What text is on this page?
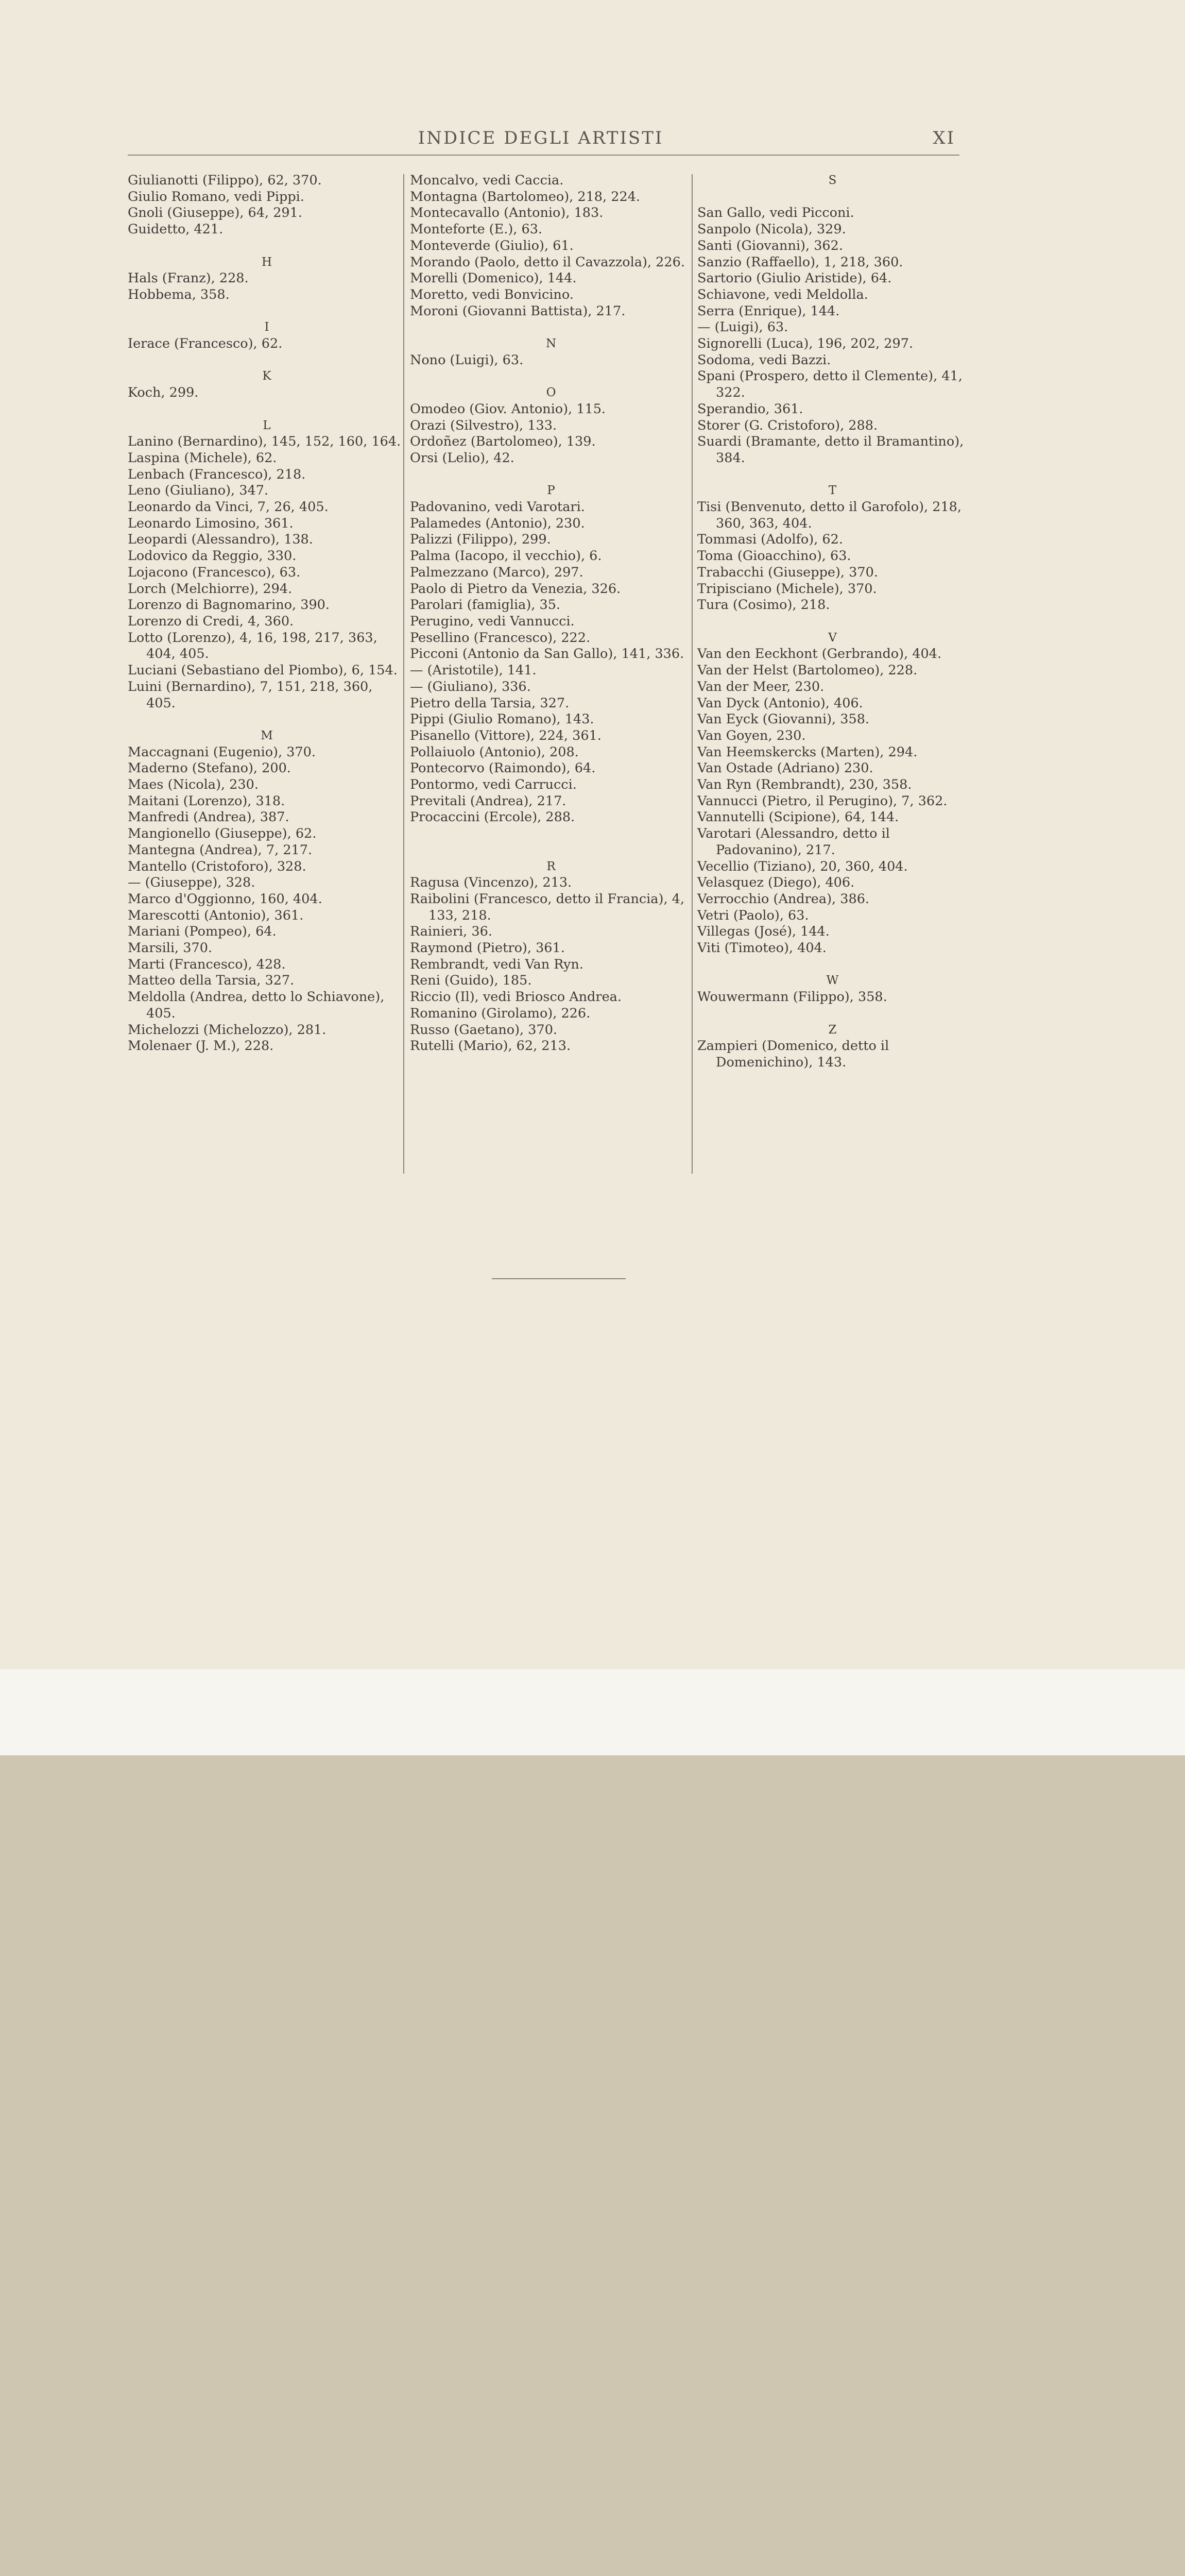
INDICE DEGLI ARTISTI	XI
Giulianotti (Filippo), 62, 370.
Giulio Romano, vedi Pippi.
Gnoli (Giuseppe), 64, 291.
Guidetto, 421.

H
Hals (Franz), 228.
Hobbema, 358.

I
Ierace (Francesco), 62.

K
Koch, 299.

L
Lanino (Bernardino), 145, 152, 160, 164.
Laspina (Michele), 62.
Lenbach (Francesco), 218.
Leno (Giuliano), 347.
Leonardo da Vinci, 7, 26, 405.
Leonardo Limosino, 361.
Leopardi (Alessandro), 138.
Lodovico da Reggio, 330.
Lojacono (Francesco), 63.
Lorch (Melchiorre), 294.
Lorenzo di Bagnomarino, 390.
Lorenzo di Credi, 4, 360.
Lotto (Lorenzo), 4, 16, 198, 217, 363, 404, 405.
Luciani (Sebastiano del Piombo), 6, 154.
Luini (Bernardino), 7, 151, 218, 360, 405.

M
Maccagnani (Eugenio), 370.
Maderno (Stefano), 200.
Maes (Nicola), 230.
Maitani (Lorenzo), 318.
Manfredi (Andrea), 387.
Mangionello (Giuseppe), 62.
Mantegna (Andrea), 7, 217.
Mantello (Cristoforo), 328.
— (Giuseppe), 328.
Marco d'Oggionno, 160, 404.
Marescotti (Antonio), 361.
Mariani (Pompeo), 64.
Marsili, 370.
Marti (Francesco), 428.
Matteo della Tarsia, 327.
Meldolla (Andrea, detto lo Schiavone), 405.
Michelozzi (Michelozzo), 281.
Molenaer (J. M.), 228.
Moncalvo, vedi Caccia.
Montagna (Bartolomeo), 218, 224.
Montecavallo (Antonio), 183.
Monteforte (E.), 63.
Monteverde (Giulio), 61.
Morando (Paolo, detto il Cavazzola), 226.
Morelli (Domenico), 144.
Moretto, vedi Bonvicino.
Moroni (Giovanni Battista), 217.

N
Nono (Luigi), 63.

O
Omodeo (Giov. Antonio), 115.
Orazi (Silvestro), 133.
Ordoñez (Bartolomeo), 139.
Orsi (Lelio), 42.

P
Padovanino, vedi Varotari.
Palamedes (Antonio), 230.
Palizzi (Filippo), 299.
Palma (Iacopo, il vecchio), 6.
Palmezzano (Marco), 297.
Paolo di Pietro da Venezia, 326.
Parolari (famiglia), 35.
Perugino, vedi Vannucci.
Pesellino (Francesco), 222.
Picconi (Antonio da San Gallo), 141, 336.
— (Aristotile), 141.
— (Giuliano), 336.
Pietro della Tarsia, 327.
Pippi (Giulio Romano), 143.
Pisanello (Vittore), 224, 361.
Pollaiuolo (Antonio), 208.
Pontecorvo (Raimondo), 64.
Pontormo, vedi Carrucci.
Previtali (Andrea), 217.
Procaccini (Ercole), 288.

R
Ragusa (Vincenzo), 213.
Raibolini (Francesco, detto il Francia), 4, 133, 218.
Rainieri, 36.
Raymond (Pietro), 361.
Rembrandt, vedi Van Ryn.
Reni (Guido), 185.
Riccio (Il), vedi Briosco Andrea.
Romanino (Girolamo), 226.
Russo (Gaetano), 370.
Rutelli (Mario), 62, 213.
S

San Gallo, vedi Picconi.
Sanpolo (Nicola), 329.
Santi (Giovanni), 362.
Sanzio (Raffaello), 1, 218, 360.
Sartorio (Giulio Aristide), 64.
Schiavone, vedi Meldolla.
Serra (Enrique), 144.
— (Luigi), 63.
Signorelli (Luca), 196, 202, 297.
Sodoma, vedi Bazzi.
Spani (Prospero, detto il Clemente), 41, 322.
Sperandio, 361.
Storer (G. Cristoforo), 288.
Suardi (Bramante, detto il Bramantino), 384.

T
Tisi (Benvenuto, detto il Garofolo), 218, 360, 363, 404.
Tommasi (Adolfo), 62.
Toma (Gioacchino), 63.
Trabacchi (Giuseppe), 370.
Tripisciano (Michele), 370.
Tura (Cosimo), 218.

V
Van den Eeckhont (Gerbrando), 404.
Van der Helst (Bartolomeo), 228.
Van der Meer, 230.
Van Dyck (Antonio), 406.
Van Eyck (Giovanni), 358.
Van Goyen, 230.
Van Heemskercks (Marten), 294.
Van Ostade (Adriano) 230.
Van Ryn (Rembrandt), 230, 358.
Vannucci (Pietro, il Perugino), 7, 362.
Vannutelli (Scipione), 64, 144.
Varotari (Alessandro, detto il Padovanino), 217.
Vecellio (Tiziano), 20, 360, 404.
Velasquez (Diego), 406.
Verrocchio (Andrea), 386.
Vetri (Paolo), 63.
Villegas (José), 144.
Viti (Timoteo), 404.

W
Wouwermann (Filippo), 358.

Z
Zampieri (Domenico, detto il Domenichino), 143.
